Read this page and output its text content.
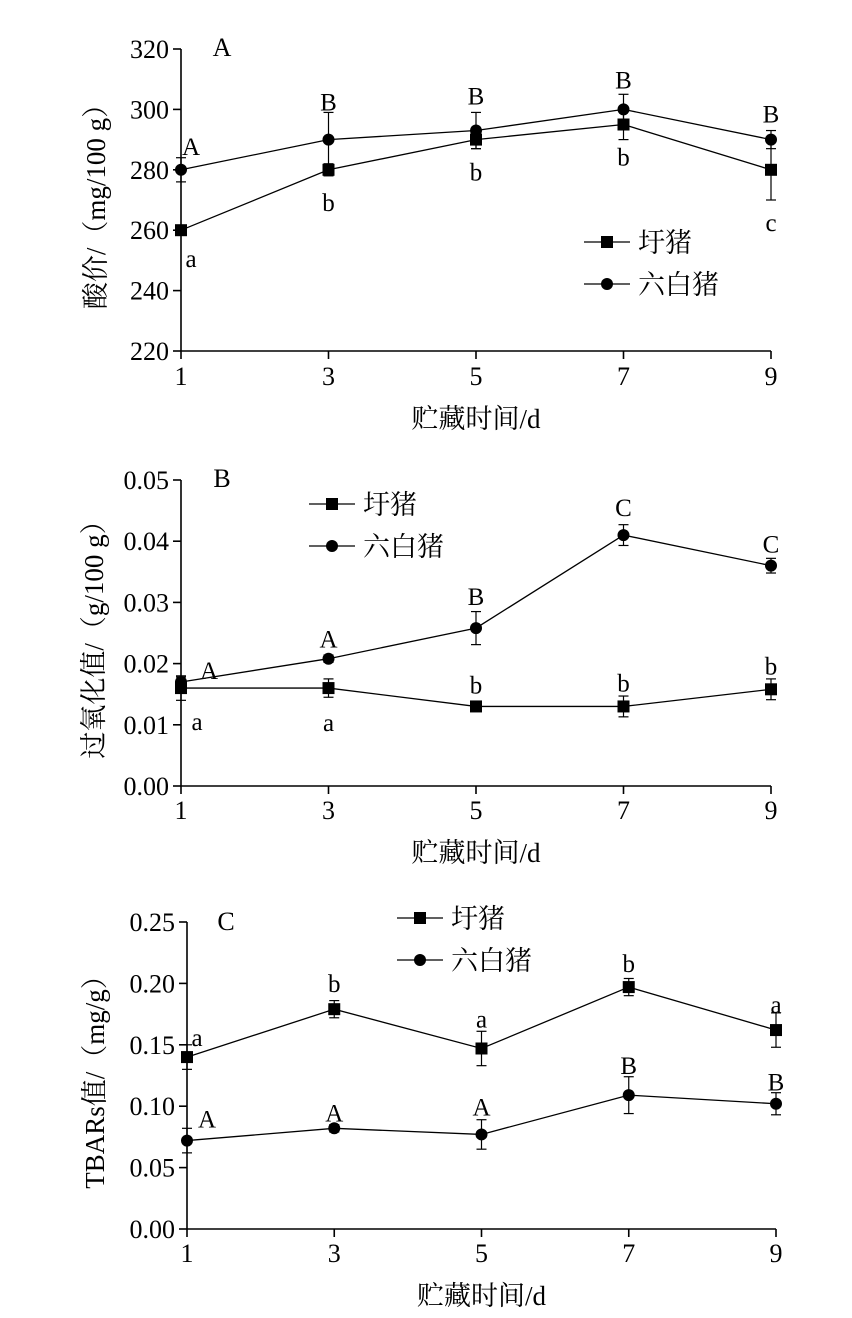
220
240
260
280
300
320
1	3	5	7	9
贮藏时间/d
酸价/（mg/100 g）
A
a
b
b
b
c
A
B	B
B
B
圩猪
六白猪
0.00
0.01
0.02
0.03
0.04
0.05
1	3	5	7	9
贮藏时间/d
过氧化值/（g/100 g）
B
a	a
b	b
b
A
A
B
C
C
圩猪
六白猪
0.00
0.05
0.10
0.15
0.20
0.25
1	3	5	7	9
贮藏时间/d
TBARs值/（mg/g）
C
a
b
a
b
a
A	A	A
B
B
圩猪
六白猪
